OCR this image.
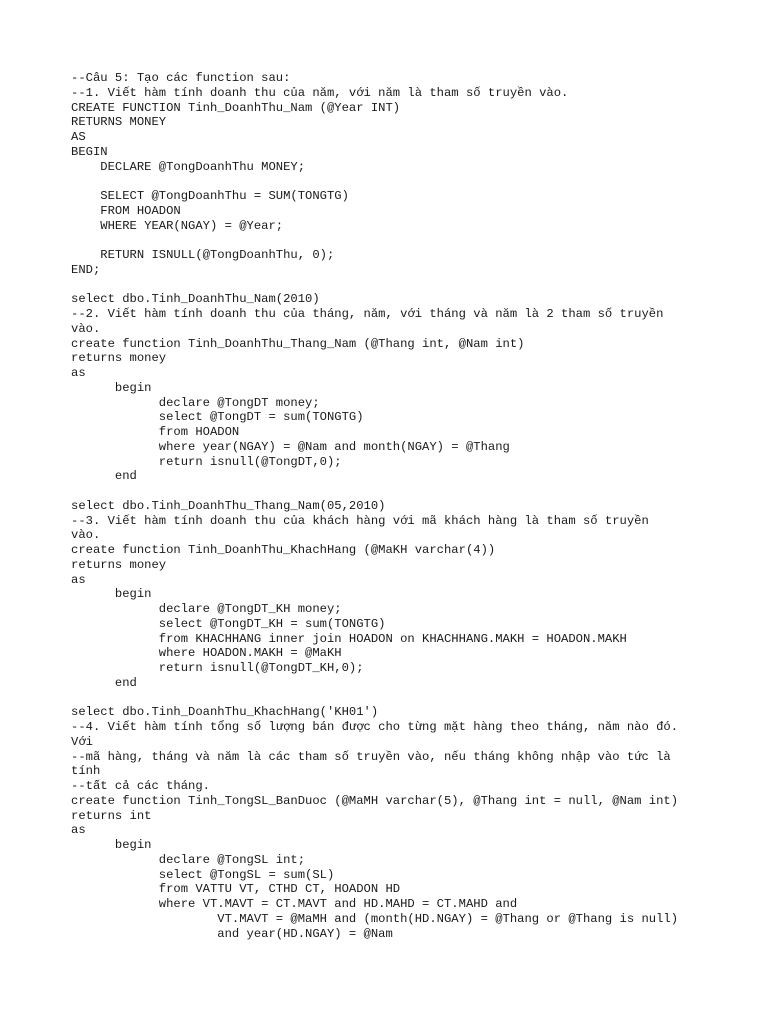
--Câu 5: Tạo các function sau:
--1. Viết hàm tính doanh thu của năm, với năm là tham số truyền vào.
CREATE FUNCTION Tinh_DoanhThu_Nam (@Year INT)
RETURNS MONEY
AS
BEGIN
DECLARE @TongDoanhThu MONEY;
SELECT @TongDoanhThu = SUM(TONGTG)
FROM HOADON
WHERE YEAR(NGAY) = @Year;
RETURN ISNULL(@TongDoanhThu, 0);
END;
select dbo.Tinh_DoanhThu_Nam(2010)
--2. Viết hàm tính doanh thu của tháng, năm, với tháng và năm là 2 tham số truyền
vào.
create function Tinh_DoanhThu_Thang_Nam (@Thang int, @Nam int)
returns money
as
begin
declare @TongDT money;
select @TongDT = sum(TONGTG)
from HOADON
where year(NGAY) = @Nam and month(NGAY) = @Thang
return isnull(@TongDT,0);
end
select dbo.Tinh_DoanhThu_Thang_Nam(05,2010)
--3. Viết hàm tính doanh thu của khách hàng với mã khách hàng là tham số truyền
vào.
create function Tinh_DoanhThu_KhachHang (@MaKH varchar(4))
returns money
as
begin
declare @TongDT_KH money;
select @TongDT_KH = sum(TONGTG)
from KHACHHANG inner join HOADON on KHACHHANG.MAKH = HOADON.MAKH
where HOADON.MAKH = @MaKH
return isnull(@TongDT_KH,0);
end
select dbo.Tinh_DoanhThu_KhachHang('KH01')
--4. Viết hàm tính tổng số lượng bán được cho từng mặt hàng theo tháng, năm nào đó.
Với
--mã hàng, tháng và năm là các tham số truyền vào, nếu tháng không nhập vào tức là
tính
--tất cả các tháng.
create function Tinh_TongSL_BanDuoc (@MaMH varchar(5), @Thang int = null, @Nam int)
returns int
as
begin
declare @TongSL int;
select @TongSL = sum(SL)
from VATTU VT, CTHD CT, HOADON HD
where VT.MAVT = CT.MAVT and HD.MAHD = CT.MAHD and
VT.MAVT = @MaMH and (month(HD.NGAY) = @Thang or @Thang is null)
and year(HD.NGAY) = @Nam
